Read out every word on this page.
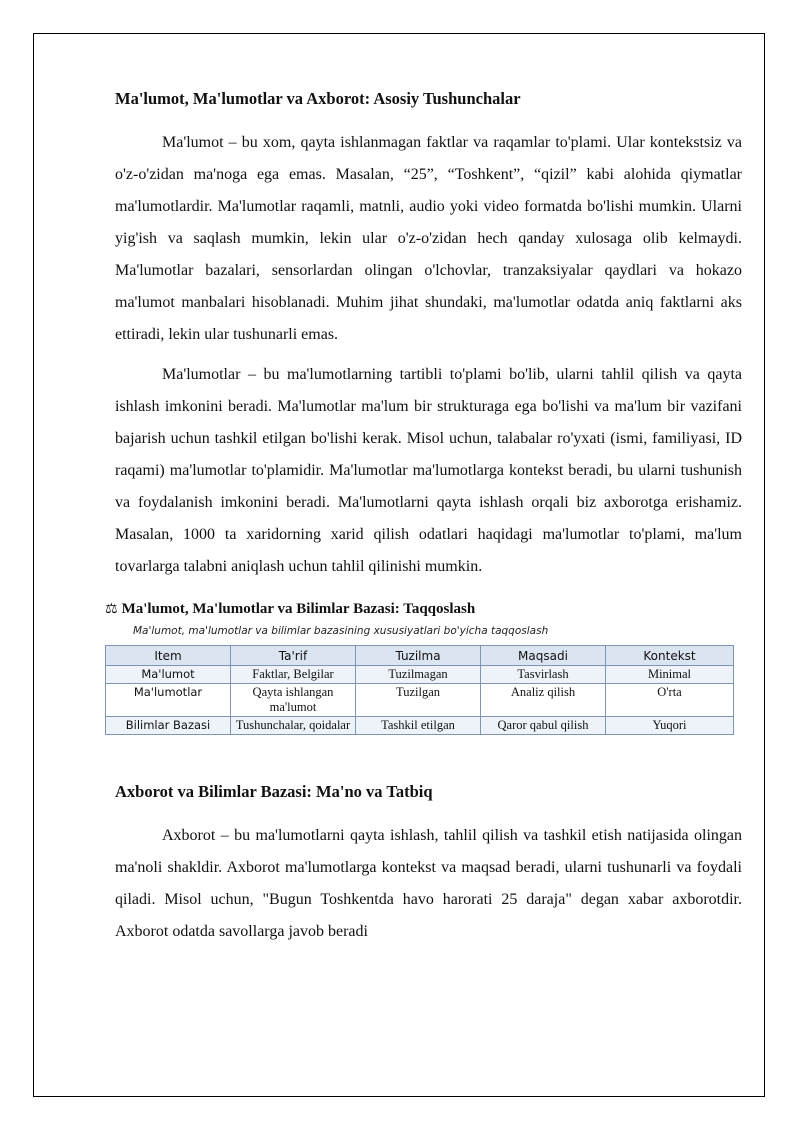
Ma'lumot, Ma'lumotlar va Axborot: Asosiy Tushunchalar

Ma'lumot – bu xom, qayta ishlanmagan faktlar va raqamlar to'plami. Ular kontekstsiz va o'z-o'zidan ma'noga ega emas. Masalan, “25”, “Toshkent”, “qizil” kabi alohida qiymatlar ma'lumotlardir. Ma'lumotlar raqamli, matnli, audio yoki video formatda bo'lishi mumkin. Ularni yig'ish va saqlash mumkin, lekin ular o'z-o'zidan hech qanday xulosaga olib kelmaydi. Ma'lumotlar bazalari, sensorlardan olingan o'lchovlar, tranzaksiyalar qaydlari va hokazo ma'lumot manbalari hisoblanadi. Muhim jihat shundaki, ma'lumotlar odatda aniq faktlarni aks ettiradi, lekin ular tushunarli emas.

Ma'lumotlar – bu ma'lumotlarning tartibli to'plami bo'lib, ularni tahlil qilish va qayta ishlash imkonini beradi. Ma'lumotlar ma'lum bir strukturaga ega bo'lishi va ma'lum bir vazifani bajarish uchun tashkil etilgan bo'lishi kerak. Misol uchun, talabalar ro'yxati (ismi, familiyasi, ID raqami) ma'lumotlar to'plamidir. Ma'lumotlar ma'lumotlarga kontekst beradi, bu ularni tushunish va foydalanish imkonini beradi. Ma'lumotlarni qayta ishlash orqali biz axborotga erishamiz. Masalan, 1000 ta xaridorning xarid qilish odatlari haqidagi ma'lumotlar to'plami, ma'lum tovarlarga talabni aniqlash uchun tahlil qilinishi mumkin.

⚖ Ma'lumot, Ma'lumotlar va Bilimlar Bazasi: Taqqoslash
Ma'lumot, ma'lumotlar va bilimlar bazasining xususiyatlari bo'yicha taqqoslash
Item	Ta'rif	Tuzilma	Maqsadi	Kontekst
Ma'lumot	Faktlar, Belgilar	Tuzilmagan	Tasvirlash	Minimal
Ma'lumotlar	Qayta ishlangan ma'lumot	Tuzilgan	Analiz qilish	O'rta
Bilimlar Bazasi	Tushunchalar, qoidalar	Tashkil etilgan	Qaror qabul qilish	Yuqori
Axborot va Bilimlar Bazasi: Ma'no va Tatbiq

Axborot – bu ma'lumotlarni qayta ishlash, tahlil qilish va tashkil etish natijasida olingan ma'noli shakldir. Axborot ma'lumotlarga kontekst va maqsad beradi, ularni tushunarli va foydali qiladi. Misol uchun, "Bugun Toshkentda havo harorati 25 daraja" degan xabar axborotdir. Axborot odatda savollarga javob beradi
